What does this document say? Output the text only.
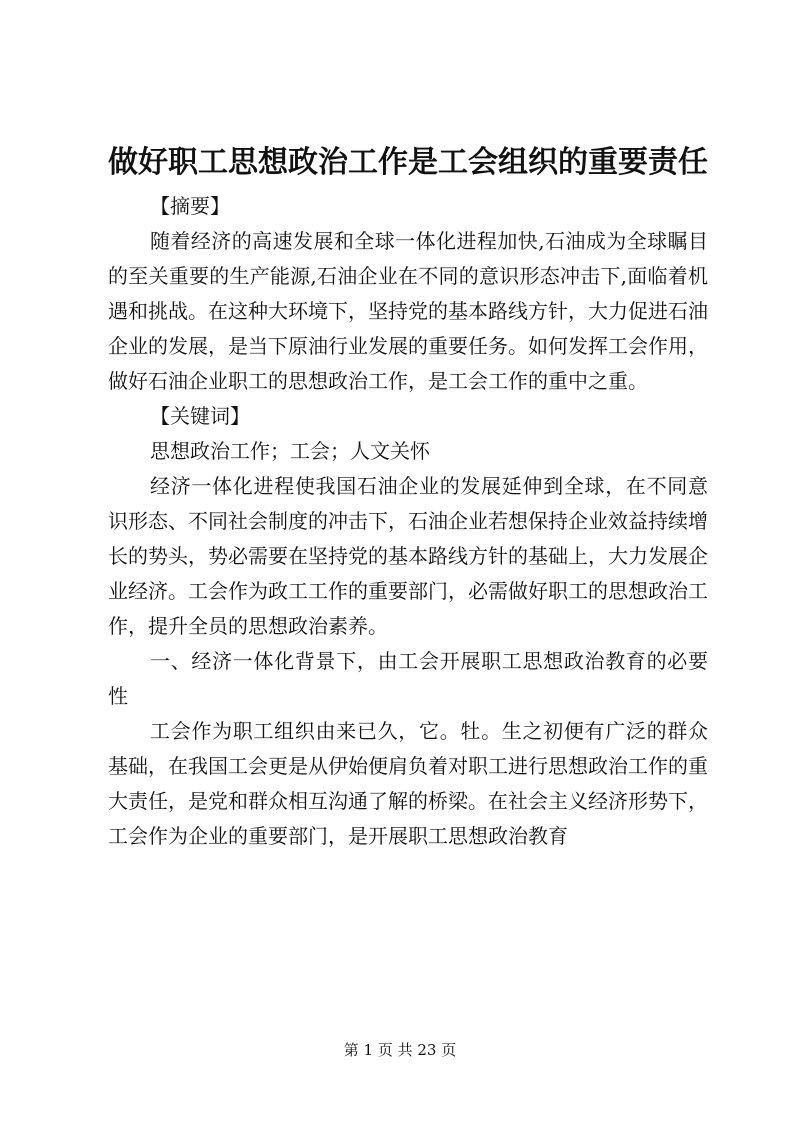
做好职工思想政治工作是工会组织的重要责任

【摘要】

随着经济的高速发展和全球一体化进程加快,石油成为全球瞩目的至关重要的生产能源,石油企业在不同的意识形态冲击下,面临着机遇和挑战。在这种大环境下，坚持党的基本路线方针，大力促进石油企业的发展，是当下原油行业发展的重要任务。如何发挥工会作用，做好石油企业职工的思想政治工作，是工会工作的重中之重。

【关键词】

思想政治工作；工会；人文关怀

经济一体化进程使我国石油企业的发展延伸到全球，在不同意识形态、不同社会制度的冲击下，石油企业若想保持企业效益持续增长的势头，势必需要在坚持党的基本路线方针的基础上，大力发展企业经济。工会作为政工工作的重要部门，必需做好职工的思想政治工作，提升全员的思想政治素养。

一、经济一体化背景下，由工会开展职工思想政治教育的必要性

工会作为职工组织由来已久，它。牡。生之初便有广泛的群众基础，在我国工会更是从伊始便肩负着对职工进行思想政治工作的重大责任，是党和群众相互沟通了解的桥梁。在社会主义经济形势下，工会作为企业的重要部门，是开展职工思想政治教育

第 1 页 共 23 页
